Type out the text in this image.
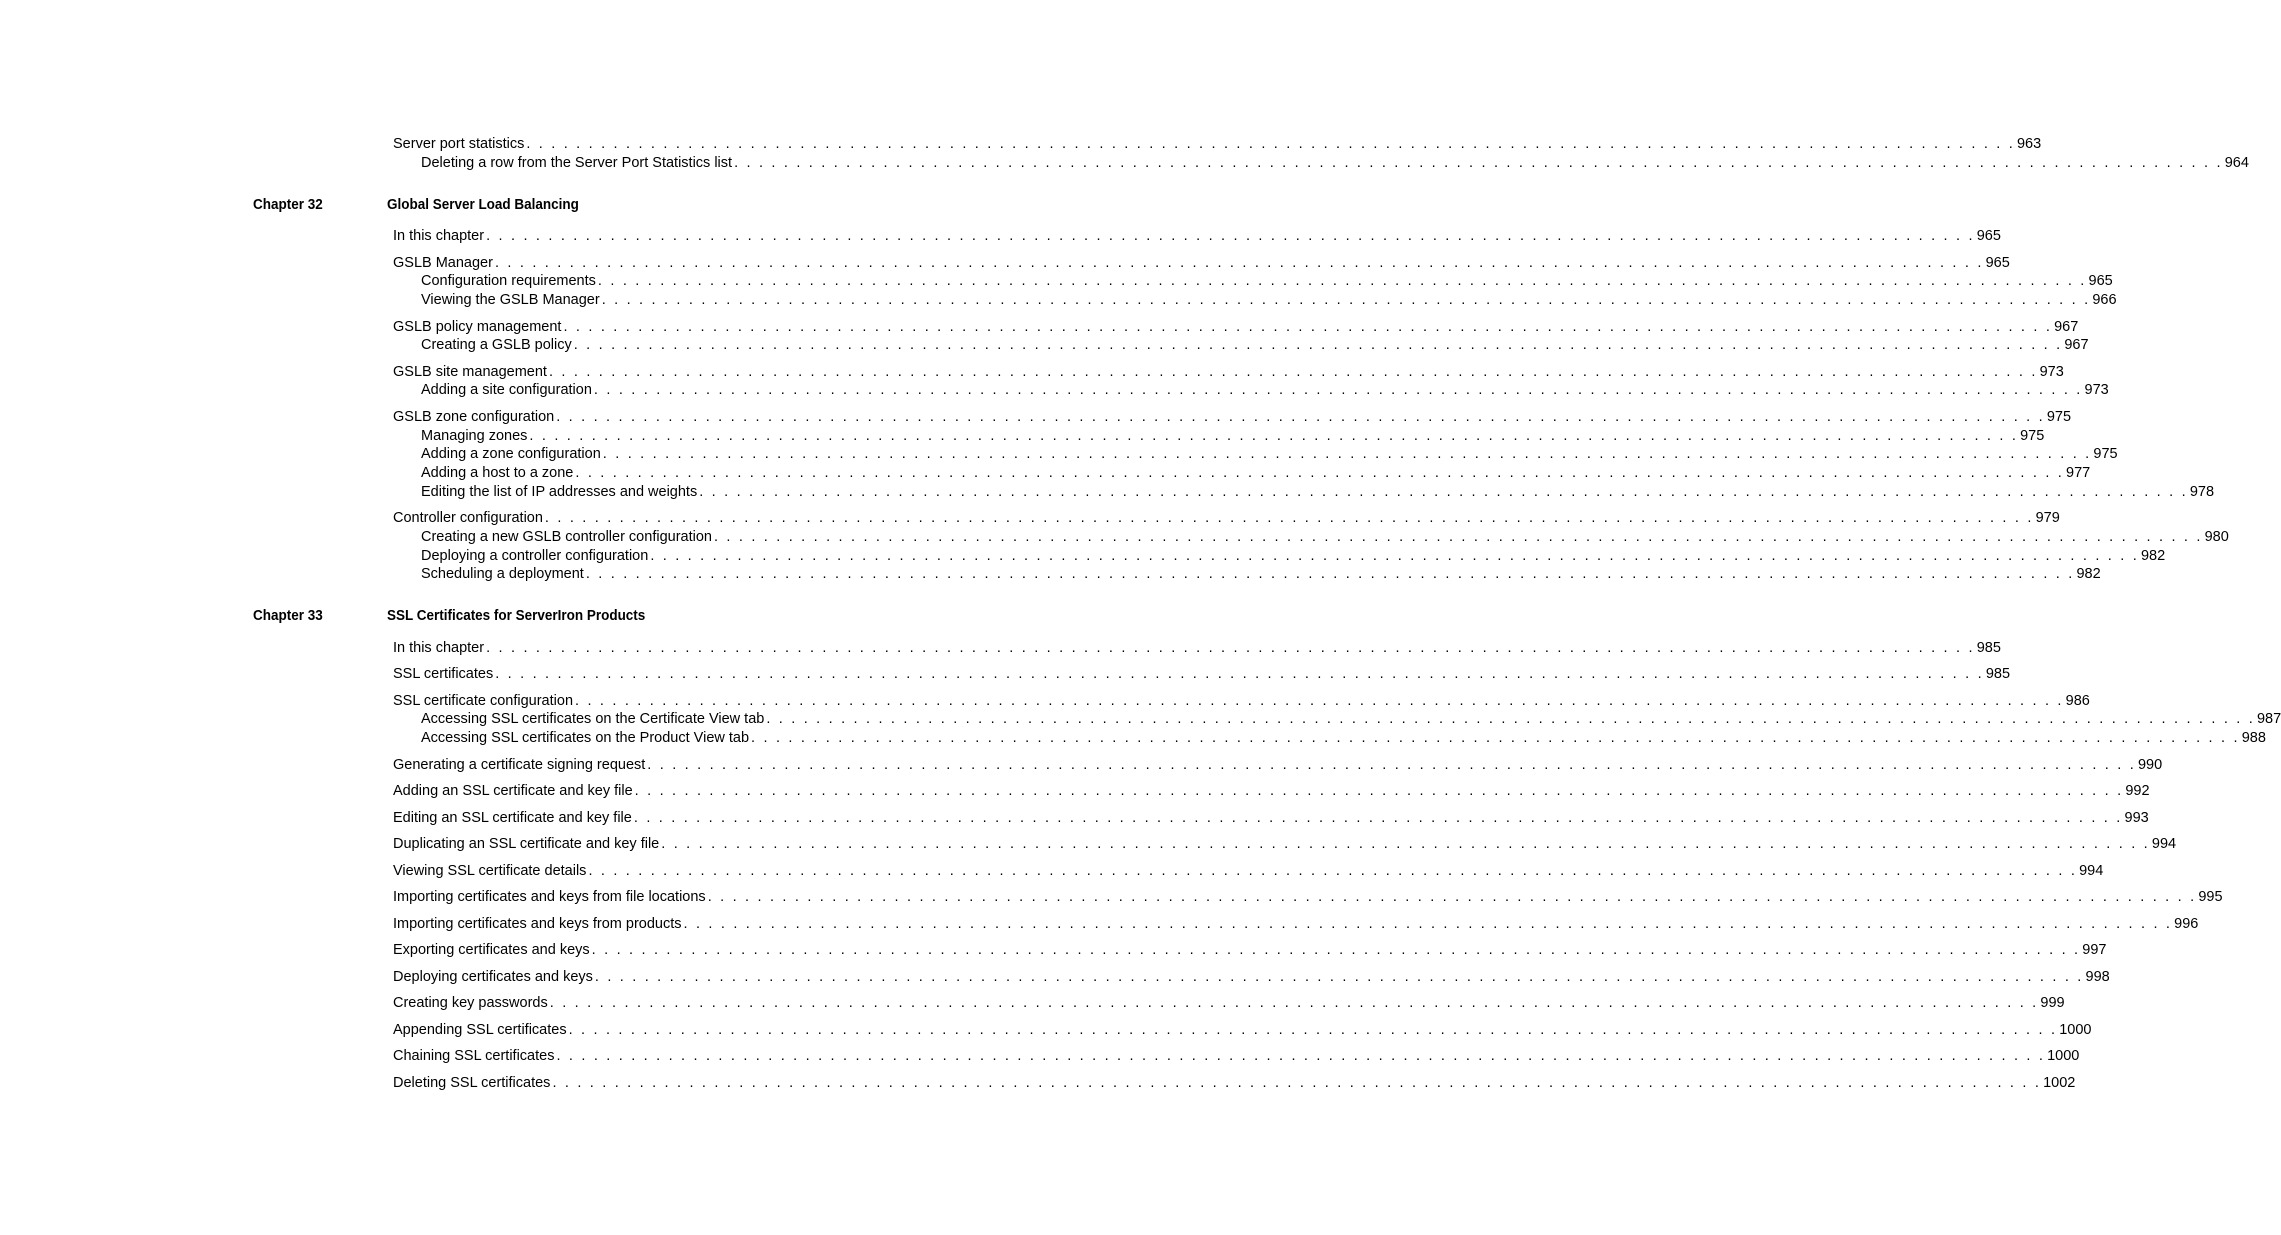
Server port statistics . . . . . . . . . . . . . . . . . . . . . . . . . . . . . . . . . . . . . . . . . . . . . . . . . . . . . . . . . . . . . . . . . . . . . . . . . . . . . . . . . . . . . . . . . . . . . . . . . . . . . . . . . . . . . . . . . . . . . . . . 963
Deleting a row from the Server Port Statistics list . . . . . . . . . . . . . . . . . . . . . . . . . . . . . . . . . . . . . . . . . . . . . . . . . . . . . . . . . . . . . . . . . . . . . . . . . . . . . . . . . . . . . . . . . . . . . . . . . . . . . . . . . . . . . . . . . . . . . . . . 964
Chapter 32	Global Server Load Balancing
In this chapter . . . . . . . . . . . . . . . . . . . . . . . . . . . . . . . . . . . . . . . . . . . . . . . . . . . . . . . . . . . . . . . . . . . . . . . . . . . . . . . . . . . . . . . . . . . . . . . . . . . . . . . . . . . . . . . . . . . . . . . . 965
GSLB Manager . . . . . . . . . . . . . . . . . . . . . . . . . . . . . . . . . . . . . . . . . . . . . . . . . . . . . . . . . . . . . . . . . . . . . . . . . . . . . . . . . . . . . . . . . . . . . . . . . . . . . . . . . . . . . . . . . . . . . . . . 965
Configuration requirements . . . . . . . . . . . . . . . . . . . . . . . . . . . . . . . . . . . . . . . . . . . . . . . . . . . . . . . . . . . . . . . . . . . . . . . . . . . . . . . . . . . . . . . . . . . . . . . . . . . . . . . . . . . . . . . . . . . . . . . . 965
Viewing the GSLB Manager . . . . . . . . . . . . . . . . . . . . . . . . . . . . . . . . . . . . . . . . . . . . . . . . . . . . . . . . . . . . . . . . . . . . . . . . . . . . . . . . . . . . . . . . . . . . . . . . . . . . . . . . . . . . . . . . . . . . . . . . 966
GSLB policy management . . . . . . . . . . . . . . . . . . . . . . . . . . . . . . . . . . . . . . . . . . . . . . . . . . . . . . . . . . . . . . . . . . . . . . . . . . . . . . . . . . . . . . . . . . . . . . . . . . . . . . . . . . . . . . . . . . . . . . . . 967
Creating a GSLB policy . . . . . . . . . . . . . . . . . . . . . . . . . . . . . . . . . . . . . . . . . . . . . . . . . . . . . . . . . . . . . . . . . . . . . . . . . . . . . . . . . . . . . . . . . . . . . . . . . . . . . . . . . . . . . . . . . . . . . . . . 967
GSLB site management . . . . . . . . . . . . . . . . . . . . . . . . . . . . . . . . . . . . . . . . . . . . . . . . . . . . . . . . . . . . . . . . . . . . . . . . . . . . . . . . . . . . . . . . . . . . . . . . . . . . . . . . . . . . . . . . . . . . . . . . 973
Adding a site configuration . . . . . . . . . . . . . . . . . . . . . . . . . . . . . . . . . . . . . . . . . . . . . . . . . . . . . . . . . . . . . . . . . . . . . . . . . . . . . . . . . . . . . . . . . . . . . . . . . . . . . . . . . . . . . . . . . . . . . . . . 973
GSLB zone configuration . . . . . . . . . . . . . . . . . . . . . . . . . . . . . . . . . . . . . . . . . . . . . . . . . . . . . . . . . . . . . . . . . . . . . . . . . . . . . . . . . . . . . . . . . . . . . . . . . . . . . . . . . . . . . . . . . . . . . . . . 975
Managing zones . . . . . . . . . . . . . . . . . . . . . . . . . . . . . . . . . . . . . . . . . . . . . . . . . . . . . . . . . . . . . . . . . . . . . . . . . . . . . . . . . . . . . . . . . . . . . . . . . . . . . . . . . . . . . . . . . . . . . . . . 975
Adding a zone configuration . . . . . . . . . . . . . . . . . . . . . . . . . . . . . . . . . . . . . . . . . . . . . . . . . . . . . . . . . . . . . . . . . . . . . . . . . . . . . . . . . . . . . . . . . . . . . . . . . . . . . . . . . . . . . . . . . . . . . . . . 975
Adding a host to a zone . . . . . . . . . . . . . . . . . . . . . . . . . . . . . . . . . . . . . . . . . . . . . . . . . . . . . . . . . . . . . . . . . . . . . . . . . . . . . . . . . . . . . . . . . . . . . . . . . . . . . . . . . . . . . . . . . . . . . . . . 977
Editing the list of IP addresses and weights . . . . . . . . . . . . . . . . . . . . . . . . . . . . . . . . . . . . . . . . . . . . . . . . . . . . . . . . . . . . . . . . . . . . . . . . . . . . . . . . . . . . . . . . . . . . . . . . . . . . . . . . . . . . . . . . . . . . . . . . 978
Controller configuration . . . . . . . . . . . . . . . . . . . . . . . . . . . . . . . . . . . . . . . . . . . . . . . . . . . . . . . . . . . . . . . . . . . . . . . . . . . . . . . . . . . . . . . . . . . . . . . . . . . . . . . . . . . . . . . . . . . . . . . . 979
Creating a new GSLB controller configuration . . . . . . . . . . . . . . . . . . . . . . . . . . . . . . . . . . . . . . . . . . . . . . . . . . . . . . . . . . . . . . . . . . . . . . . . . . . . . . . . . . . . . . . . . . . . . . . . . . . . . . . . . . . . . . . . . . . . . . . . 980
Deploying a controller configuration . . . . . . . . . . . . . . . . . . . . . . . . . . . . . . . . . . . . . . . . . . . . . . . . . . . . . . . . . . . . . . . . . . . . . . . . . . . . . . . . . . . . . . . . . . . . . . . . . . . . . . . . . . . . . . . . . . . . . . . . 982
Scheduling a deployment . . . . . . . . . . . . . . . . . . . . . . . . . . . . . . . . . . . . . . . . . . . . . . . . . . . . . . . . . . . . . . . . . . . . . . . . . . . . . . . . . . . . . . . . . . . . . . . . . . . . . . . . . . . . . . . . . . . . . . . . 982
Chapter 33	SSL Certificates for ServerIron Products
In this chapter . . . . . . . . . . . . . . . . . . . . . . . . . . . . . . . . . . . . . . . . . . . . . . . . . . . . . . . . . . . . . . . . . . . . . . . . . . . . . . . . . . . . . . . . . . . . . . . . . . . . . . . . . . . . . . . . . . . . . . . . 985
SSL certificates . . . . . . . . . . . . . . . . . . . . . . . . . . . . . . . . . . . . . . . . . . . . . . . . . . . . . . . . . . . . . . . . . . . . . . . . . . . . . . . . . . . . . . . . . . . . . . . . . . . . . . . . . . . . . . . . . . . . . . . . 985
SSL certificate configuration . . . . . . . . . . . . . . . . . . . . . . . . . . . . . . . . . . . . . . . . . . . . . . . . . . . . . . . . . . . . . . . . . . . . . . . . . . . . . . . . . . . . . . . . . . . . . . . . . . . . . . . . . . . . . . . . . . . . . . . . 986
Accessing SSL certificates on the Certificate View tab . . . . . . . . . . . . . . . . . . . . . . . . . . . . . . . . . . . . . . . . . . . . . . . . . . . . . . . . . . . . . . . . . . . . . . . . . . . . . . . . . . . . . . . . . . . . . . . . . . . . . . . . . . . . . . . . . . . . . . . . 987
Accessing SSL certificates on the Product View tab . . . . . . . . . . . . . . . . . . . . . . . . . . . . . . . . . . . . . . . . . . . . . . . . . . . . . . . . . . . . . . . . . . . . . . . . . . . . . . . . . . . . . . . . . . . . . . . . . . . . . . . . . . . . . . . . . . . . . . . . 988
Generating a certificate signing request . . . . . . . . . . . . . . . . . . . . . . . . . . . . . . . . . . . . . . . . . . . . . . . . . . . . . . . . . . . . . . . . . . . . . . . . . . . . . . . . . . . . . . . . . . . . . . . . . . . . . . . . . . . . . . . . . . . . . . . . 990
Adding an SSL certificate and key file . . . . . . . . . . . . . . . . . . . . . . . . . . . . . . . . . . . . . . . . . . . . . . . . . . . . . . . . . . . . . . . . . . . . . . . . . . . . . . . . . . . . . . . . . . . . . . . . . . . . . . . . . . . . . . . . . . . . . . . . 992
Editing an SSL certificate and key file . . . . . . . . . . . . . . . . . . . . . . . . . . . . . . . . . . . . . . . . . . . . . . . . . . . . . . . . . . . . . . . . . . . . . . . . . . . . . . . . . . . . . . . . . . . . . . . . . . . . . . . . . . . . . . . . . . . . . . . . 993
Duplicating an SSL certificate and key file . . . . . . . . . . . . . . . . . . . . . . . . . . . . . . . . . . . . . . . . . . . . . . . . . . . . . . . . . . . . . . . . . . . . . . . . . . . . . . . . . . . . . . . . . . . . . . . . . . . . . . . . . . . . . . . . . . . . . . . . 994
Viewing SSL certificate details . . . . . . . . . . . . . . . . . . . . . . . . . . . . . . . . . . . . . . . . . . . . . . . . . . . . . . . . . . . . . . . . . . . . . . . . . . . . . . . . . . . . . . . . . . . . . . . . . . . . . . . . . . . . . . . . . . . . . . . . 994
Importing certificates and keys from file locations . . . . . . . . . . . . . . . . . . . . . . . . . . . . . . . . . . . . . . . . . . . . . . . . . . . . . . . . . . . . . . . . . . . . . . . . . . . . . . . . . . . . . . . . . . . . . . . . . . . . . . . . . . . . . . . . . . . . . . . . 995
Importing certificates and keys from products . . . . . . . . . . . . . . . . . . . . . . . . . . . . . . . . . . . . . . . . . . . . . . . . . . . . . . . . . . . . . . . . . . . . . . . . . . . . . . . . . . . . . . . . . . . . . . . . . . . . . . . . . . . . . . . . . . . . . . . . 996
Exporting certificates and keys . . . . . . . . . . . . . . . . . . . . . . . . . . . . . . . . . . . . . . . . . . . . . . . . . . . . . . . . . . . . . . . . . . . . . . . . . . . . . . . . . . . . . . . . . . . . . . . . . . . . . . . . . . . . . . . . . . . . . . . . 997
Deploying certificates and keys . . . . . . . . . . . . . . . . . . . . . . . . . . . . . . . . . . . . . . . . . . . . . . . . . . . . . . . . . . . . . . . . . . . . . . . . . . . . . . . . . . . . . . . . . . . . . . . . . . . . . . . . . . . . . . . . . . . . . . . . 998
Creating key passwords . . . . . . . . . . . . . . . . . . . . . . . . . . . . . . . . . . . . . . . . . . . . . . . . . . . . . . . . . . . . . . . . . . . . . . . . . . . . . . . . . . . . . . . . . . . . . . . . . . . . . . . . . . . . . . . . . . . . . . . . 999
Appending SSL certificates . . . . . . . . . . . . . . . . . . . . . . . . . . . . . . . . . . . . . . . . . . . . . . . . . . . . . . . . . . . . . . . . . . . . . . . . . . . . . . . . . . . . . . . . . . . . . . . . . . . . . . . . . . . . . . . . . . . . . . . . 1000
Chaining SSL certificates . . . . . . . . . . . . . . . . . . . . . . . . . . . . . . . . . . . . . . . . . . . . . . . . . . . . . . . . . . . . . . . . . . . . . . . . . . . . . . . . . . . . . . . . . . . . . . . . . . . . . . . . . . . . . . . . . . . . . . . . 1000
Deleting SSL certificates . . . . . . . . . . . . . . . . . . . . . . . . . . . . . . . . . . . . . . . . . . . . . . . . . . . . . . . . . . . . . . . . . . . . . . . . . . . . . . . . . . . . . . . . . . . . . . . . . . . . . . . . . . . . . . . . . . . . . . . . 1002
